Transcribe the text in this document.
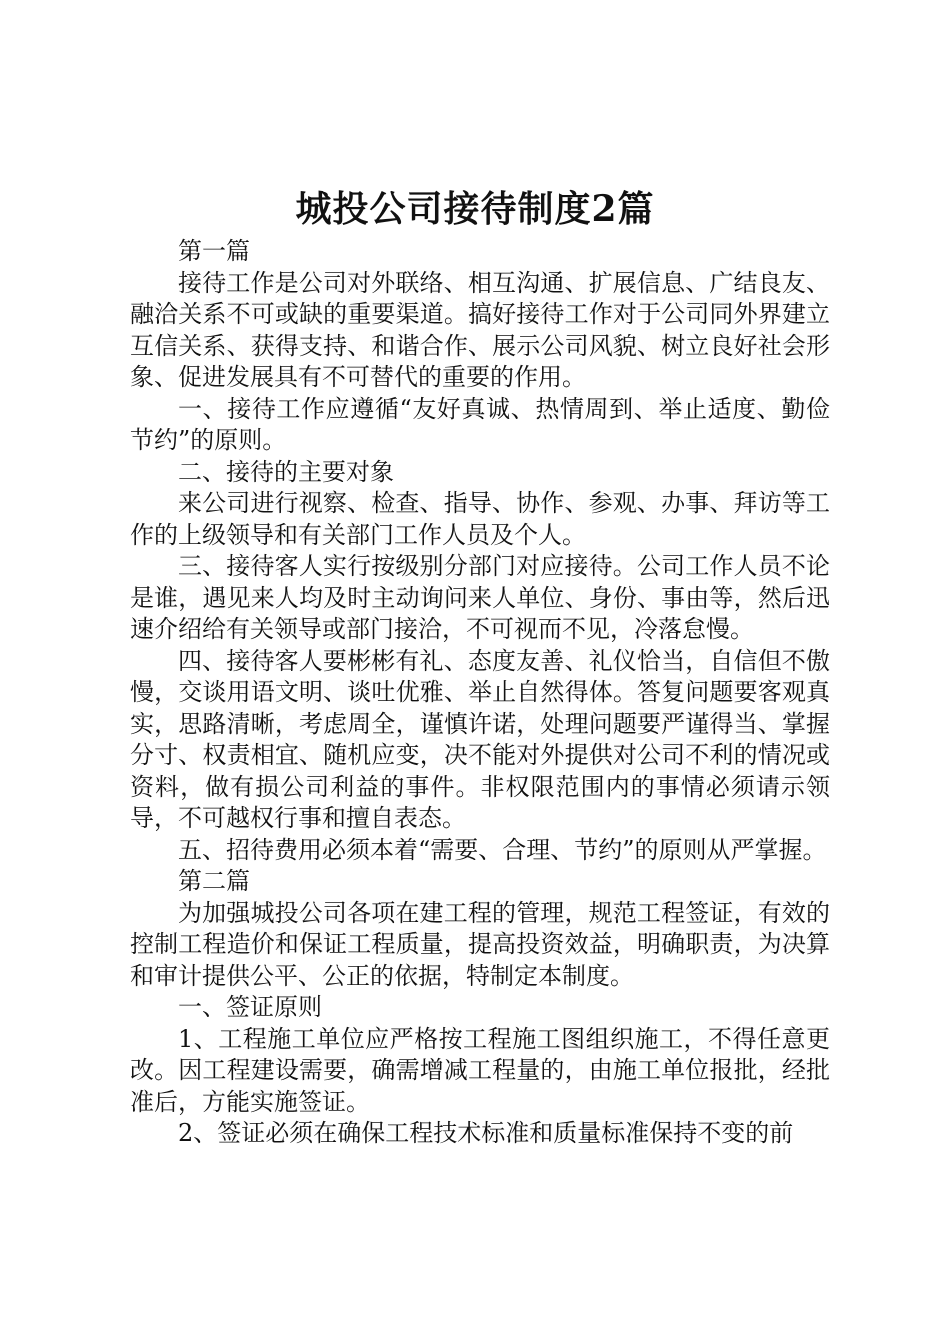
城投公司接待制度2篇

第一篇

接待工作是公司对外联络、相互沟通、扩展信息、广结良友、融洽关系不可或缺的重要渠道。搞好接待工作对于公司同外界建立互信关系、获得支持、和谐合作、展示公司风貌、树立良好社会形象、促进发展具有不可替代的重要的作用。

一、接待工作应遵循“友好真诚、热情周到、举止适度、勤俭节约”的原则。

二、接待的主要对象

来公司进行视察、检查、指导、协作、参观、办事、拜访等工作的上级领导和有关部门工作人员及个人。

三、接待客人实行按级别分部门对应接待。公司工作人员不论是谁，遇见来人均及时主动询问来人单位、身份、事由等，然后迅速介绍给有关领导或部门接洽，不可视而不见，冷落怠慢。

四、接待客人要彬彬有礼、态度友善、礼仪恰当，自信但不傲慢，交谈用语文明、谈吐优雅、举止自然得体。答复问题要客观真实，思路清晰，考虑周全，谨慎许诺，处理问题要严谨得当、掌握分寸、权责相宜、随机应变，决不能对外提供对公司不利的情况或资料，做有损公司利益的事件。非权限范围内的事情必须请示领导，不可越权行事和擅自表态。

五、招待费用必须本着“需要、合理、节约”的原则从严掌握。

第二篇

为加强城投公司各项在建工程的管理，规范工程签证，有效的控制工程造价和保证工程质量，提高投资效益，明确职责，为决算和审计提供公平、公正的依据，特制定本制度。

一、签证原则

1、工程施工单位应严格按工程施工图组织施工，不得任意更改。因工程建设需要，确需增减工程量的，由施工单位报批，经批准后，方能实施签证。

2、签证必须在确保工程技术标准和质量标准保持不变的前
